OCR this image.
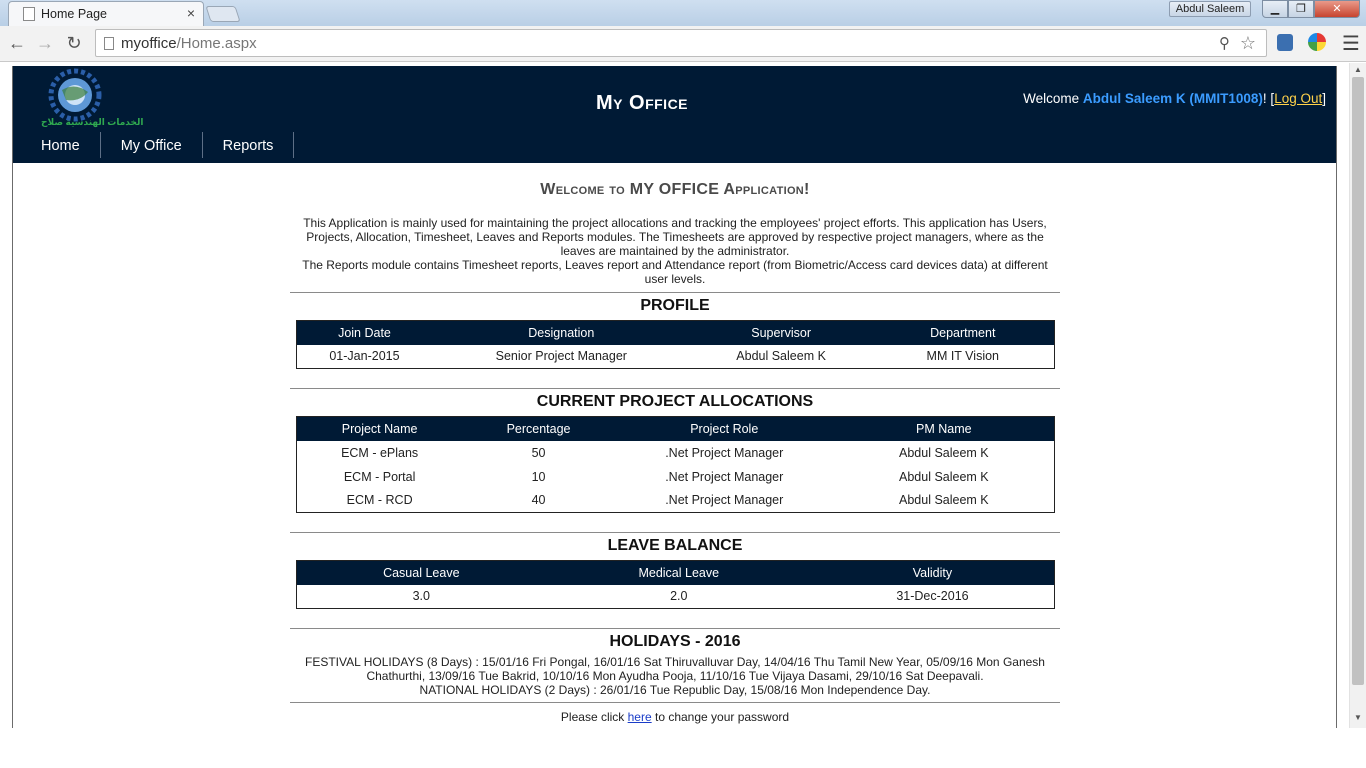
Home Page	×	Abdul Saleem	▁	❐	✕
← → ↻	myoffice/Home.aspx	⚲ ☆	☰
الخدمات الهندسية صلاح
My Office	Welcome Abdul Saleem K (MMIT1008)! [Log Out]
Home	My Office	Reports
Welcome to MY OFFICE Application!
This Application is mainly used for maintaining the project allocations and tracking the employees' project efforts. This application has Users, Projects, Allocation, Timesheet, Leaves and Reports modules. The Timesheets are approved by respective project managers, where as the leaves are maintained by the administrator.
The Reports module contains Timesheet reports, Leaves report and Attendance report (from Biometric/Access card devices data) at different user levels.
PROFILE
Join Date	Designation	Supervisor	Department
01-Jan-2015	Senior Project Manager	Abdul Saleem K	MM IT Vision
CURRENT PROJECT ALLOCATIONS
Project Name	Percentage	Project Role	PM Name
ECM - ePlans	50	.Net Project Manager	Abdul Saleem K
ECM - Portal	10	.Net Project Manager	Abdul Saleem K
ECM - RCD	40	.Net Project Manager	Abdul Saleem K
LEAVE BALANCE
Casual Leave	Medical Leave	Validity
3.0	2.0	31-Dec-2016
HOLIDAYS - 2016
FESTIVAL HOLIDAYS (8 Days) : 15/01/16 Fri Pongal, 16/01/16 Sat Thiruvalluvar Day, 14/04/16 Thu Tamil New Year, 05/09/16 Mon Ganesh Chathurthi, 13/09/16 Tue Bakrid, 10/10/16 Mon Ayudha Pooja, 11/10/16 Tue Vijaya Dasami, 29/10/16 Sat Deepavali.
NATIONAL HOLIDAYS (2 Days) : 26/01/16 Tue Republic Day, 15/08/16 Mon Independence Day.
Please click here to change your password
▲
▼
